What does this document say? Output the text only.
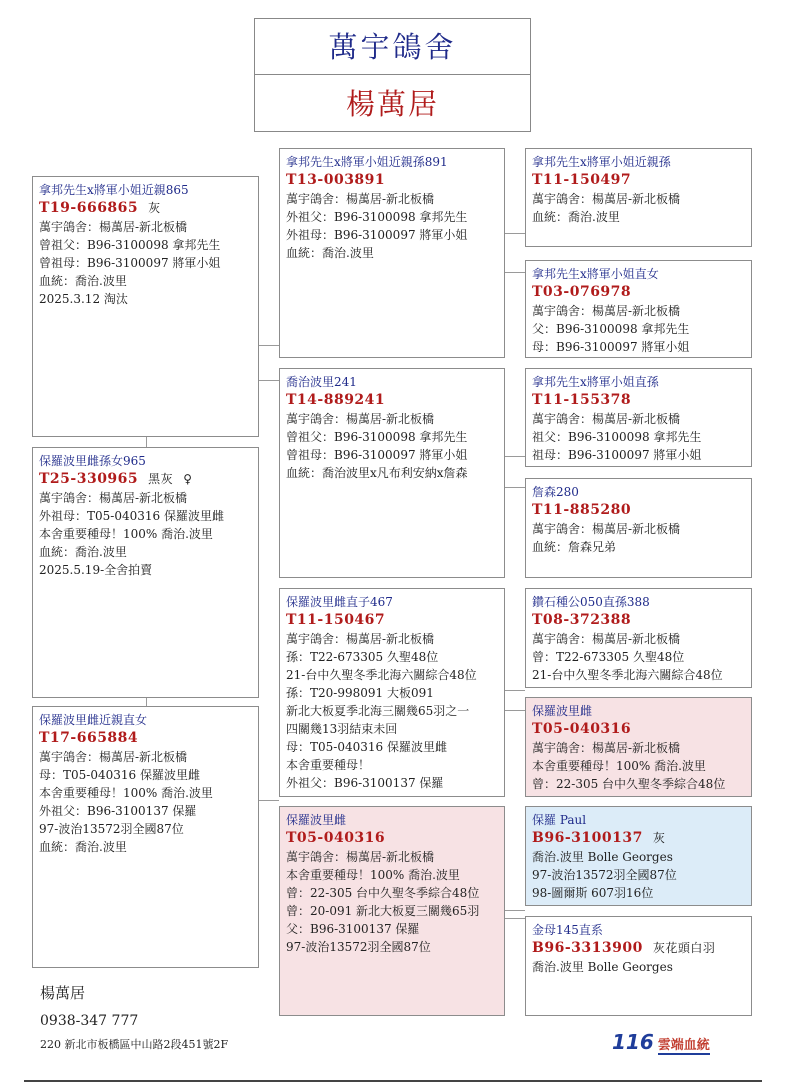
萬宇鴿舍
楊萬居
拿邦先生x將軍小姐近親865
T19-666865 灰
萬宇鴿舍：楊萬居-新北板橋
曾祖父：B96-3100098 拿邦先生
曾祖母：B96-3100097 將軍小姐
血統：喬治.波里
2025.3.12 淘汰
保羅波里雌孫女965
T25-330965 黑灰 ♀
萬宇鴿舍：楊萬居-新北板橋
外祖母：T05-040316 保羅波里雌
本舍重要種母！100% 喬治.波里
血統：喬治.波里
2025.5.19-全舍拍賣
保羅波里雌近親直女
T17-665884
萬宇鴿舍：楊萬居-新北板橋
母：T05-040316 保羅波里雌
本舍重要種母！100% 喬治.波里
外祖父：B96-3100137 保羅
97-波治13572羽全國87位
血統：喬治.波里
拿邦先生x將軍小姐近親孫891
T13-003891
萬宇鴿舍：楊萬居-新北板橋
外祖父：B96-3100098 拿邦先生
外祖母：B96-3100097 將軍小姐
血統：喬治.波里
喬治波里241
T14-889241
萬宇鴿舍：楊萬居-新北板橋
曾祖父：B96-3100098 拿邦先生
曾祖母：B96-3100097 將軍小姐
血統：喬治波里x凡布利安納x詹森
保羅波里雌直子467
T11-150467
萬宇鴿舍：楊萬居-新北板橋
孫：T22-673305 久聖48位
21-台中久聖冬季北海六關綜合48位
孫：T20-998091 大板091
新北大板夏季北海三關幾65羽之一
四關幾13羽結束未回
母：T05-040316 保羅波里雌
本舍重要種母！
外祖父：B96-3100137 保羅
保羅波里雌
T05-040316
萬宇鴿舍：楊萬居-新北板橋
本舍重要種母！100% 喬治.波里
曾：22-305 台中久聖冬季綜合48位
曾：20-091 新北大板夏三關幾65羽
父：B96-3100137 保羅
97-波治13572羽全國87位
拿邦先生x將軍小姐近親孫
T11-150497
萬宇鴿舍：楊萬居-新北板橋
血統：喬治.波里
拿邦先生x將軍小姐直女
T03-076978
萬宇鴿舍：楊萬居-新北板橋
父：B96-3100098 拿邦先生
母：B96-3100097 將軍小姐
拿邦先生x將軍小姐直孫
T11-155378
萬宇鴿舍：楊萬居-新北板橋
祖父：B96-3100098 拿邦先生
祖母：B96-3100097 將軍小姐
詹森280
T11-885280
萬宇鴿舍：楊萬居-新北板橋
血統：詹森兄弟
鑽石種公050直孫388
T08-372388
萬宇鴿舍：楊萬居-新北板橋
曾：T22-673305 久聖48位
21-台中久聖冬季北海六關綜合48位
保羅波里雌
T05-040316
萬宇鴿舍：楊萬居-新北板橋
本舍重要種母！100% 喬治.波里
曾：22-305 台中久聖冬季綜合48位
保羅 Paul
B96-3100137 灰
喬治.波里 Bolle Georges
97-波治13572羽全國87位
98-圖爾斯 607羽16位
金母145直系
B96-3313900 灰花頭白羽
喬治.波里 Bolle Georges
楊萬居
0938-347 777
220 新北市板橋區中山路2段451號2F	116 雲端血統
